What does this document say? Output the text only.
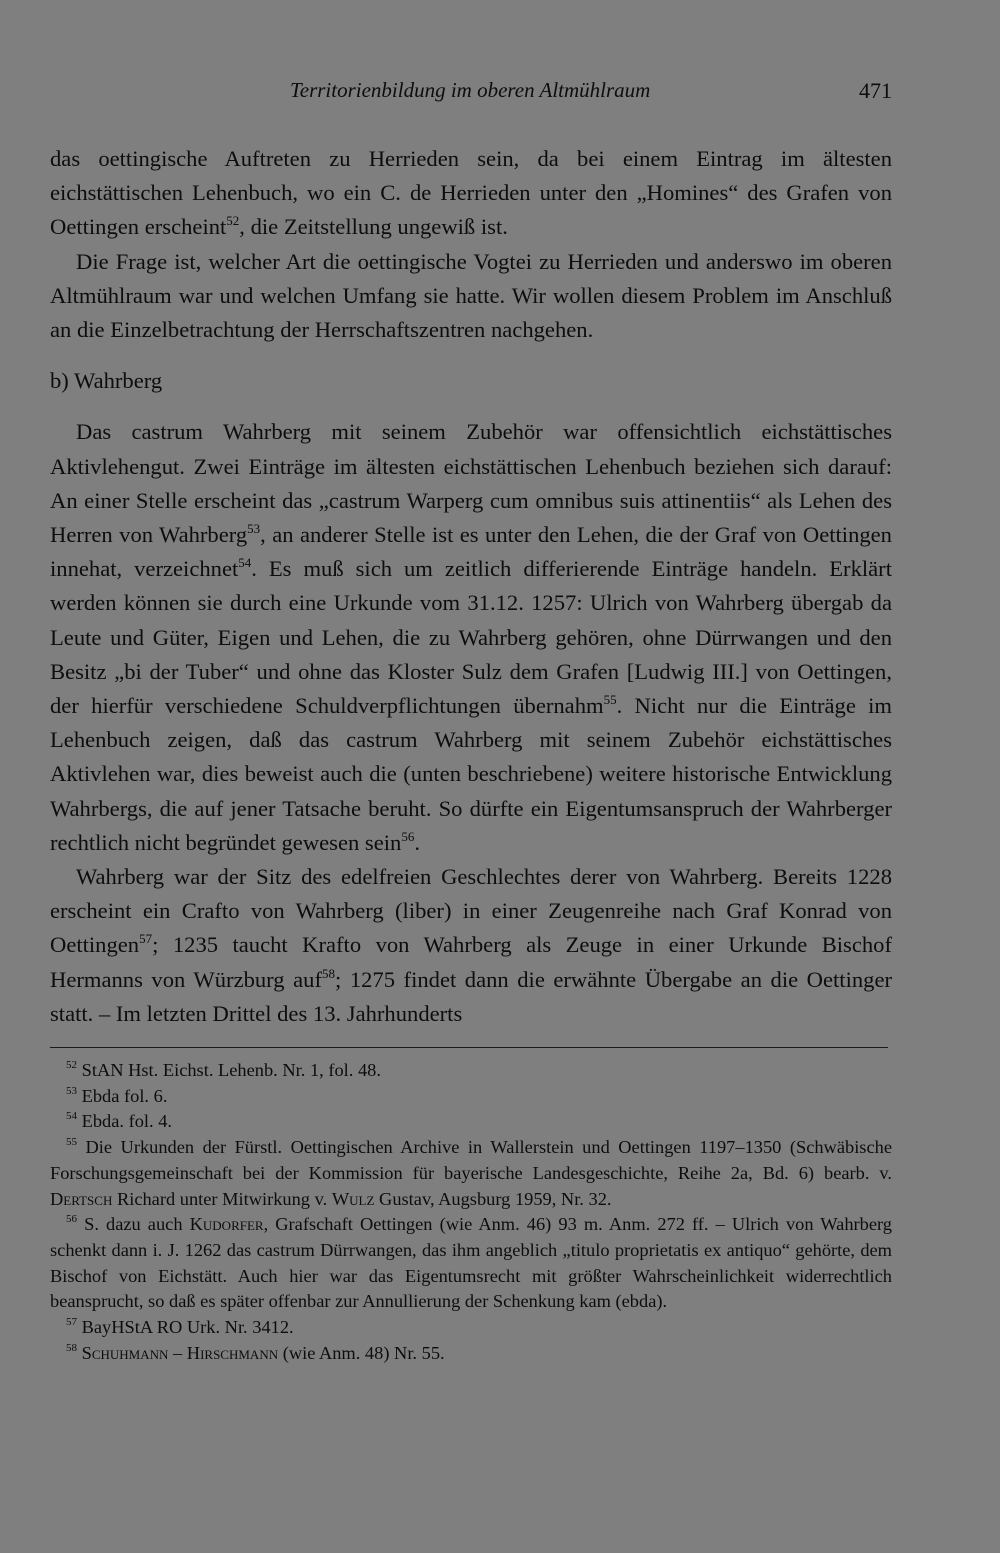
Territorienbildung im oberen Altmühlraum	471

das oettingische Auftreten zu Herrieden sein, da bei einem Eintrag im ältesten eichstättischen Lehenbuch, wo ein C. de Herrieden unter den „Homines“ des Grafen von Oettingen erscheint$^{52}$, die Zeitstellung ungewiß ist.

Die Frage ist, welcher Art die oettingische Vogtei zu Herrieden und anderswo im oberen Altmühlraum war und welchen Umfang sie hatte. Wir wollen diesem Problem im Anschluß an die Einzelbetrachtung der Herrschaftszentren nachgehen.

b) Wahrberg

Das castrum Wahrberg mit seinem Zubehör war offensichtlich eichstättisches Aktivlehengut. Zwei Einträge im ältesten eichstättischen Lehenbuch beziehen sich darauf: An einer Stelle erscheint das „castrum Warperg cum omnibus suis attinentiis“ als Lehen des Herren von Wahrberg$^{53}$, an anderer Stelle ist es unter den Lehen, die der Graf von Oettingen innehat, verzeichnet$^{54}$. Es muß sich um zeitlich differierende Einträge handeln. Erklärt werden können sie durch eine Urkunde vom 31.12. 1257: Ulrich von Wahrberg übergab da Leute und Güter, Eigen und Lehen, die zu Wahrberg gehören, ohne Dürrwangen und den Besitz „bi der Tuber“ und ohne das Kloster Sulz dem Grafen [Ludwig III.] von Oettingen, der hierfür verschiedene Schuldverpflichtungen übernahm$^{55}$. Nicht nur die Einträge im Lehenbuch zeigen, daß das castrum Wahrberg mit seinem Zubehör eichstättisches Aktivlehen war, dies beweist auch die (unten beschriebene) weitere historische Entwicklung Wahrbergs, die auf jener Tatsache beruht. So dürfte ein Eigentumsanspruch der Wahrberger rechtlich nicht begründet gewesen sein$^{56}$.

Wahrberg war der Sitz des edelfreien Geschlechtes derer von Wahrberg. Bereits 1228 erscheint ein Crafto von Wahrberg (liber) in einer Zeugenreihe nach Graf Konrad von Oettingen$^{57}$; 1235 taucht Krafto von Wahrberg als Zeuge in einer Urkunde Bischof Hermanns von Würzburg auf$^{58}$; 1275 findet dann die erwähnte Übergabe an die Oettinger statt. – Im letzten Drittel des 13. Jahrhunderts

$^{52}$ StAN Hst. Eichst. Lehenb. Nr. 1, fol. 48.

$^{53}$ Ebda fol. 6.

$^{54}$ Ebda. fol. 4.

$^{55}$ Die Urkunden der Fürstl. Oettingischen Archive in Wallerstein und Oettingen 1197–1350 (Schwäbische Forschungsgemeinschaft bei der Kommission für bayerische Landesgeschichte, Reihe 2a, Bd. 6) bearb. v. Dertsch Richard unter Mitwirkung v. Wulz Gustav, Augsburg 1959, Nr. 32.

$^{56}$ S. dazu auch Kudorfer, Grafschaft Oettingen (wie Anm. 46) 93 m. Anm. 272 ff. – Ulrich von Wahrberg schenkt dann i. J. 1262 das castrum Dürrwangen, das ihm angeblich „titulo proprietatis ex antiquo“ gehörte, dem Bischof von Eichstätt. Auch hier war das Eigentumsrecht mit größter Wahrscheinlichkeit widerrechtlich beansprucht, so daß es später offenbar zur Annullierung der Schenkung kam (ebda).

$^{57}$ BayHStA RO Urk. Nr. 3412.

$^{58}$ Schuhmann – Hirschmann (wie Anm. 48) Nr. 55.
